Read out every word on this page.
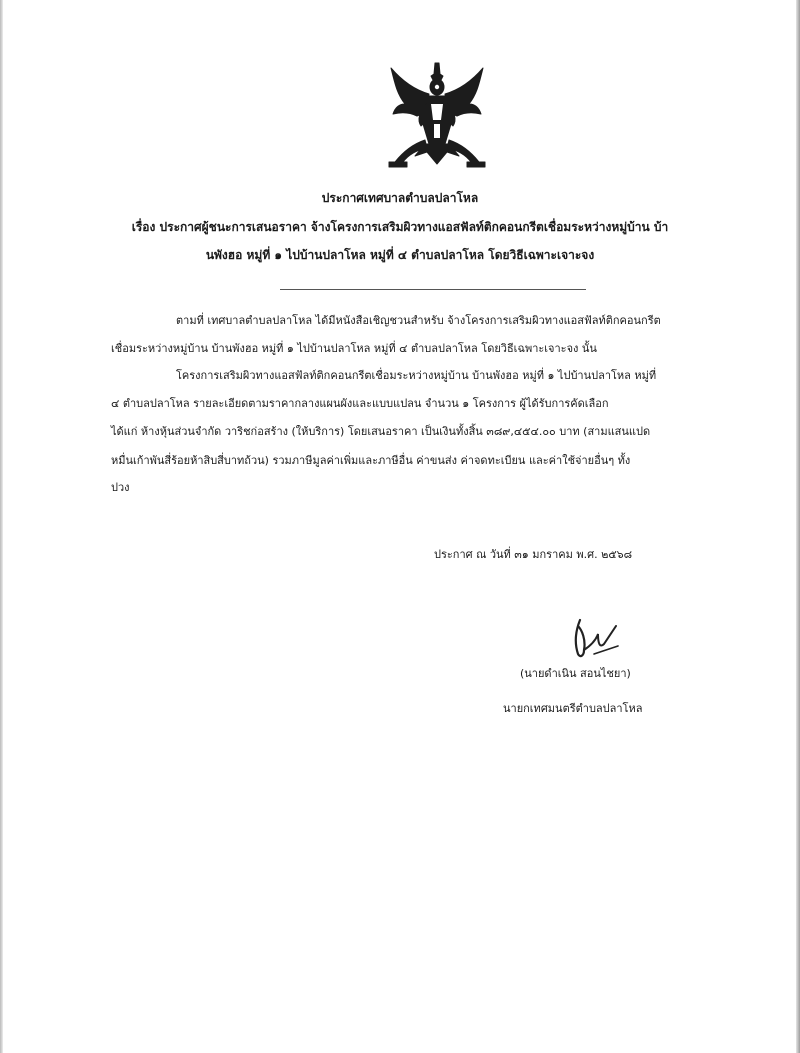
ประกาศเทศบาลตำบลปลาโหล
เรื่อง ประกาศผู้ชนะการเสนอราคา จ้างโครงการเสริมผิวทางแอสฟัลท์ติกคอนกรีตเชื่อมระหว่างหมู่บ้าน บ้า
นพังฮอ หมู่ที่ ๑ ไปบ้านปลาโหล หมู่ที่ ๔ ตำบลปลาโหล โดยวิธีเฉพาะเจาะจง
ตามที่ เทศบาลตำบลปลาโหล ได้มีหนังสือเชิญชวนสำหรับ จ้างโครงการเสริมผิวทางแอสฟัลท์ติกคอนกรีต
เชื่อมระหว่างหมู่บ้าน บ้านพังฮอ หมู่ที่ ๑ ไปบ้านปลาโหล หมู่ที่ ๔ ตำบลปลาโหล โดยวิธีเฉพาะเจาะจง นั้น
โครงการเสริมผิวทางแอสฟัลท์ติกคอนกรีตเชื่อมระหว่างหมู่บ้าน บ้านพังฮอ หมู่ที่ ๑ ไปบ้านปลาโหล หมู่ที่
๔ ตำบลปลาโหล รายละเอียดตามราคากลางแผนผังและแบบแปลน จำนวน ๑ โครงการ ผู้ได้รับการคัดเลือก
ได้แก่ ห้างหุ้นส่วนจำกัด วาริชก่อสร้าง (ให้บริการ) โดยเสนอราคา เป็นเงินทั้งสิ้น ๓๘๙,๔๕๔.๐๐ บาท (สามแสนแปด
หมื่นเก้าพันสี่ร้อยห้าสิบสี่บาทถ้วน) รวมภาษีมูลค่าเพิ่มและภาษีอื่น ค่าขนส่ง ค่าจดทะเบียน และค่าใช้จ่ายอื่นๆ ทั้ง
ปวง
ประกาศ ณ วันที่ ๓๑ มกราคม พ.ศ. ๒๕๖๘
(นายดำเนิน สอนไชยา)
นายกเทศมนตรีตำบลปลาโหล
